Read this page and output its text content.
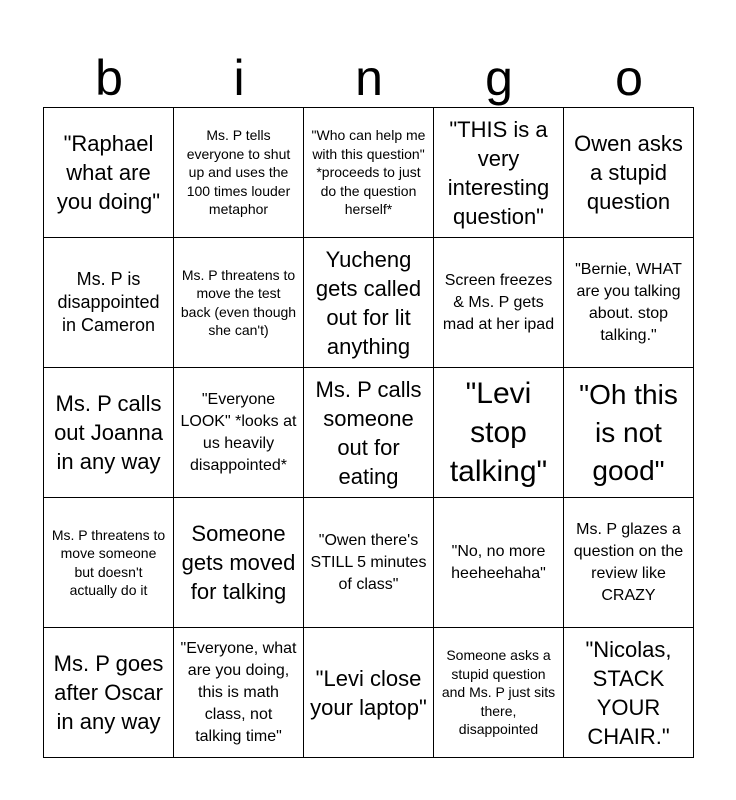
b	i	n	g	o
"Raphael what are you doing"
Ms. P tells everyone to shut up and uses the 100 times louder metaphor
"Who can help me with this question" *proceeds to just do the question herself*
"THIS is a very interesting question"
Owen asks a stupid question
Ms. P is disappointed in Cameron
Ms. P threatens to move the test back (even though she can't)
Yucheng gets called out for lit anything
Screen freezes & Ms. P gets mad at her ipad
"Bernie, WHAT are you talking about. stop talking."
Ms. P calls out Joanna in any way
"Everyone LOOK" *looks at us heavily disappointed*
Ms. P calls someone out for eating
"Levi stop talking"
"Oh this is not good"
Ms. P threatens to move someone but doesn't actually do it
Someone gets moved for talking
"Owen there's STILL 5 minutes of class"
"No, no more heeheehaha"
Ms. P glazes a question on the review like CRAZY
Ms. P goes after Oscar in any way
"Everyone, what are you doing, this is math class, not talking time"
"Levi close your laptop"
Someone asks a stupid question and Ms. P just sits there, disappointed
"Nicolas, STACK YOUR CHAIR."
